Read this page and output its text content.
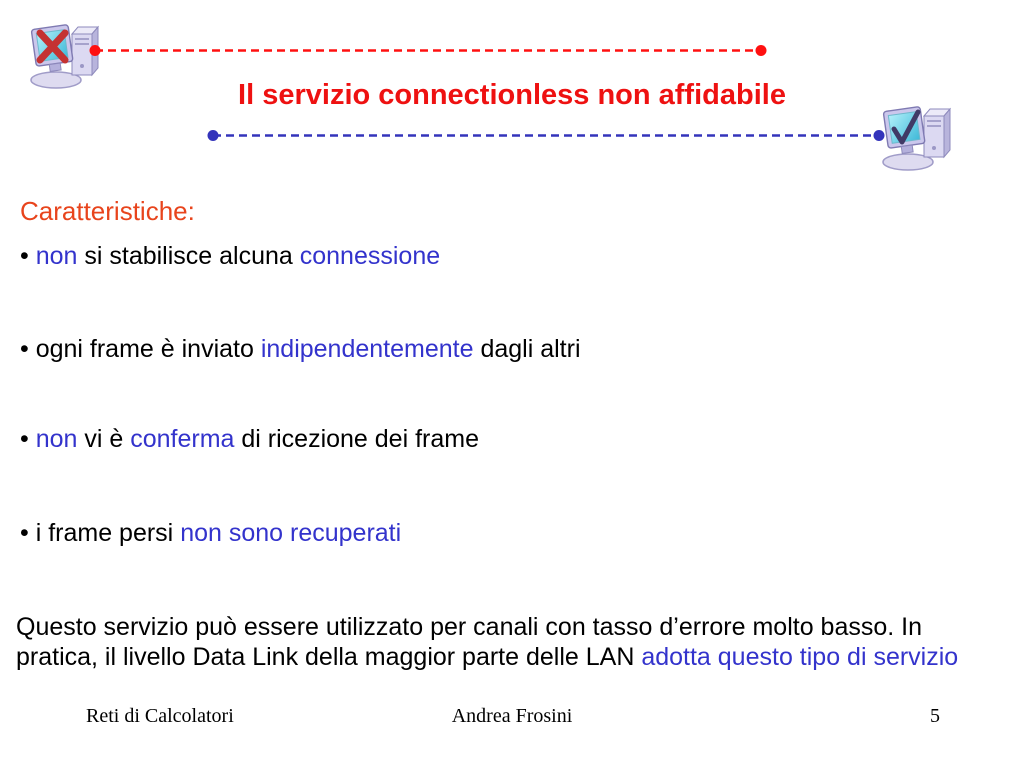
Il servizio connectionless non affidabile
Caratteristiche:
• non si stabilisce alcuna connessione
• ogni frame è inviato indipendentemente dagli altri
• non vi è conferma di ricezione dei frame
• i frame persi non sono recuperati
Questo servizio può essere utilizzato per canali con tasso d’errore molto basso. In pratica, il livello Data Link della maggior parte delle LAN adotta questo tipo di servizio
Reti di Calcolatori	Andrea Frosini	5
